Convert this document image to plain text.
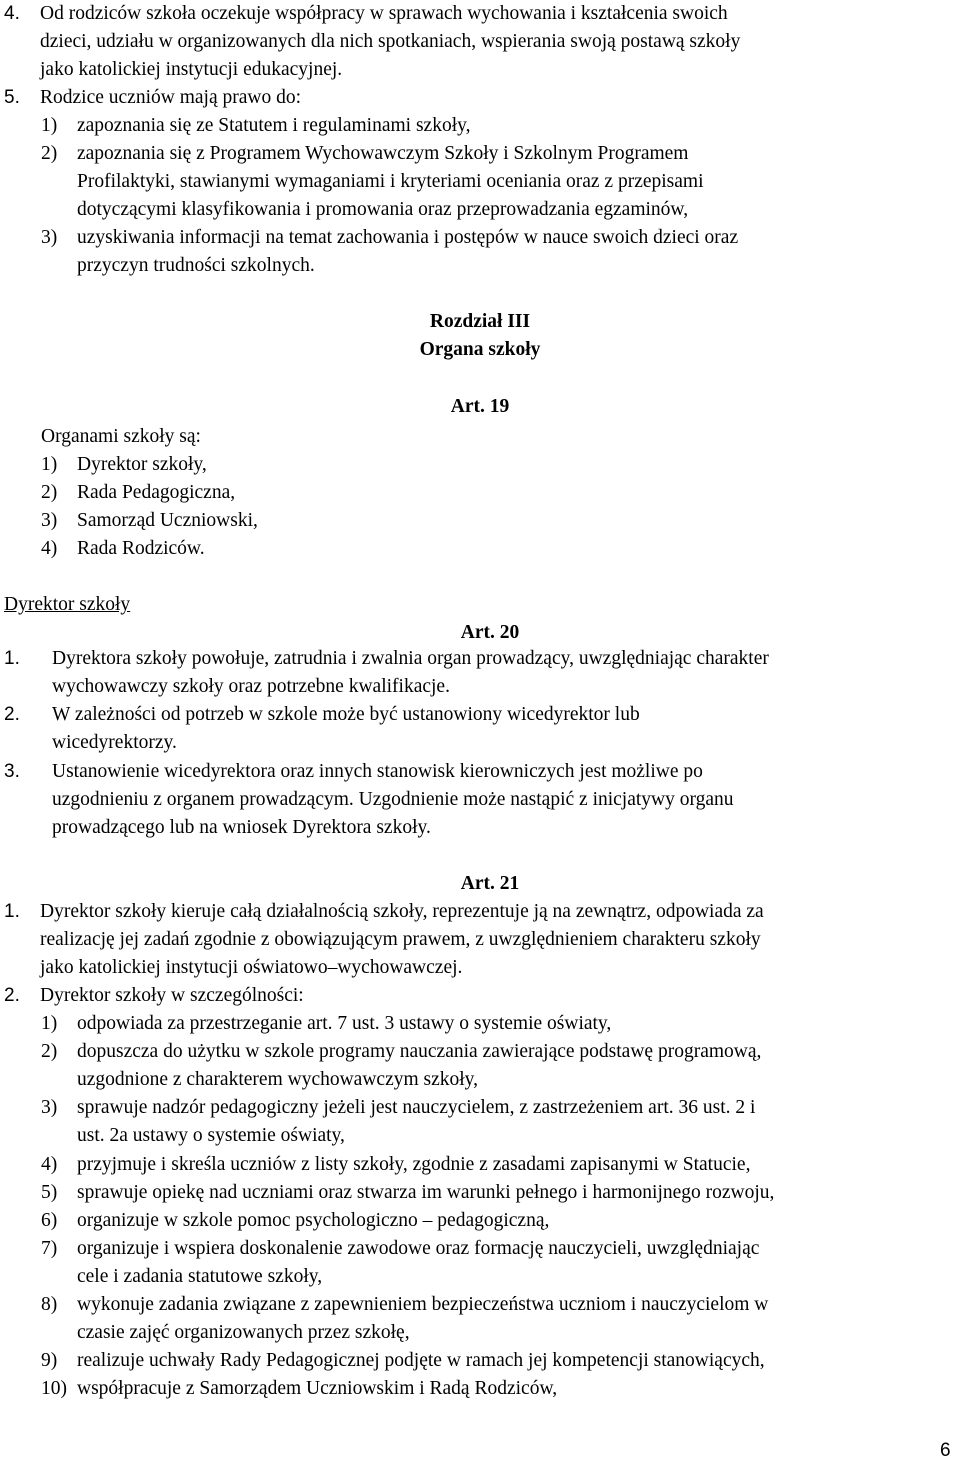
4. Od rodziców szkoła oczekuje współpracy w sprawach wychowania i kształcenia swoich
dzieci, udziału w organizowanych dla nich spotkaniach, wspierania swoją postawą szkoły
jako katolickiej instytucji edukacyjnej.
5. Rodzice uczniów mają prawo do:
1) zapoznania się ze Statutem i regulaminami szkoły,
2) zapoznania się z Programem Wychowawczym Szkoły i Szkolnym Programem
Profilaktyki, stawianymi wymaganiami i kryteriami oceniania oraz z przepisami
dotyczącymi klasyfikowania i promowania oraz przeprowadzania egzaminów,
3) uzyskiwania informacji na temat zachowania i postępów w nauce swoich dzieci oraz
przyczyn trudności szkolnych.
Rozdział III
Organa szkoły
Art. 19
Organami szkoły są:
1) Dyrektor szkoły,
2) Rada Pedagogiczna,
3) Samorząd Uczniowski,
4) Rada Rodziców.
Dyrektor szkoły
Art. 20
1. Dyrektora szkoły powołuje, zatrudnia i zwalnia organ prowadzący, uwzględniając charakter
wychowawczy szkoły oraz potrzebne kwalifikacje.
2. W zależności od potrzeb w szkole może być ustanowiony wicedyrektor lub
wicedyrektorzy.
3. Ustanowienie wicedyrektora oraz innych stanowisk kierowniczych jest możliwe po
uzgodnieniu z organem prowadzącym. Uzgodnienie może nastąpić z inicjatywy organu
prowadzącego lub na wniosek Dyrektora szkoły.
Art. 21
1. Dyrektor szkoły kieruje całą działalnością szkoły, reprezentuje ją na zewnątrz, odpowiada za
realizację jej zadań zgodnie z obowiązującym prawem, z uwzględnieniem charakteru szkoły
jako katolickiej instytucji oświatowo–wychowawczej.
2. Dyrektor szkoły w szczególności:
1) odpowiada za przestrzeganie art. 7 ust. 3 ustawy o systemie oświaty,
2) dopuszcza do użytku w szkole programy nauczania zawierające podstawę programową,
uzgodnione z charakterem wychowawczym szkoły,
3) sprawuje nadzór pedagogiczny jeżeli jest nauczycielem, z zastrzeżeniem art. 36 ust. 2 i
ust. 2a ustawy o systemie oświaty,
4) przyjmuje i skreśla uczniów z listy szkoły, zgodnie z zasadami zapisanymi w Statucie,
5) sprawuje opiekę nad uczniami oraz stwarza im warunki pełnego i harmonijnego rozwoju,
6) organizuje w szkole pomoc psychologiczno – pedagogiczną,
7) organizuje i wspiera doskonalenie zawodowe oraz formację nauczycieli, uwzględniając
cele i zadania statutowe szkoły,
8) wykonuje zadania związane z zapewnieniem bezpieczeństwa uczniom i nauczycielom w
czasie zajęć organizowanych przez szkołę,
9) realizuje uchwały Rady Pedagogicznej podjęte w ramach jej kompetencji stanowiących,
10) współpracuje z Samorządem Uczniowskim i Radą Rodziców,
6
